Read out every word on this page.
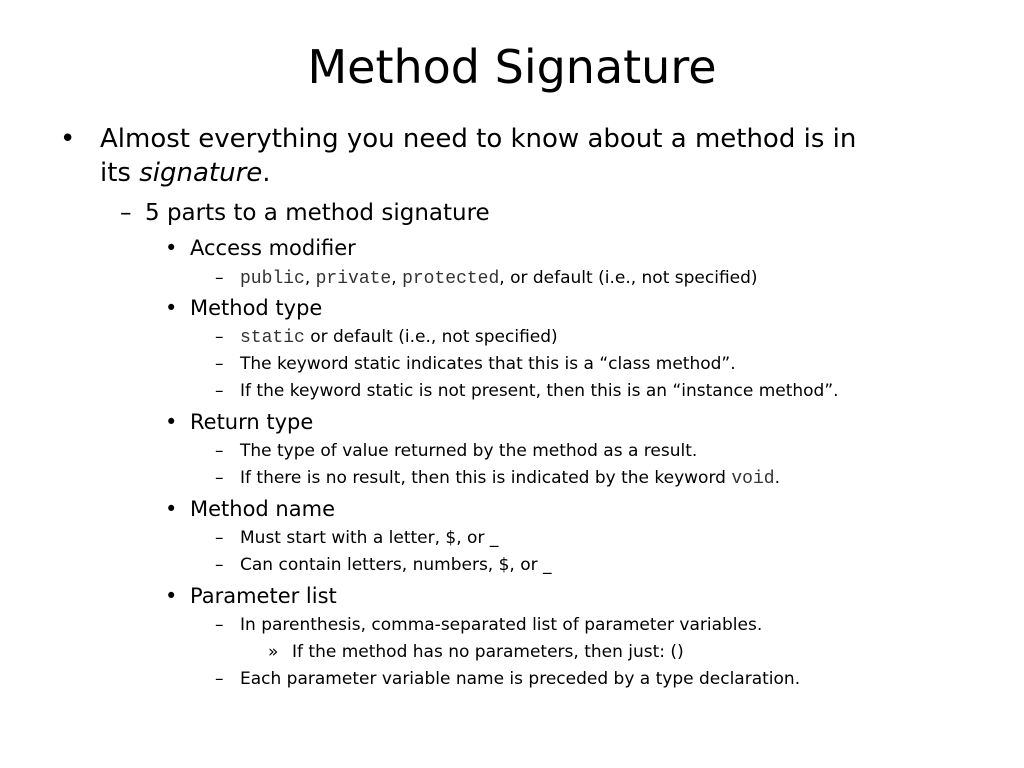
Method Signature
• Almost everything you need to know about a method is in
its signature.
– 5 parts to a method signature
• Access modifier
– public, private, protected, or default (i.e., not specified)
• Method type
– static or default (i.e., not specified)
– The keyword static indicates that this is a “class method”.
– If the keyword static is not present, then this is an “instance method”.
• Return type
– The type of value returned by the method as a result.
– If there is no result, then this is indicated by the keyword void.
• Method name
– Must start with a letter, $, or _
– Can contain letters, numbers, $, or _
• Parameter list
– In parenthesis, comma-separated list of parameter variables.
» If the method has no parameters, then just: ()
– Each parameter variable name is preceded by a type declaration.
